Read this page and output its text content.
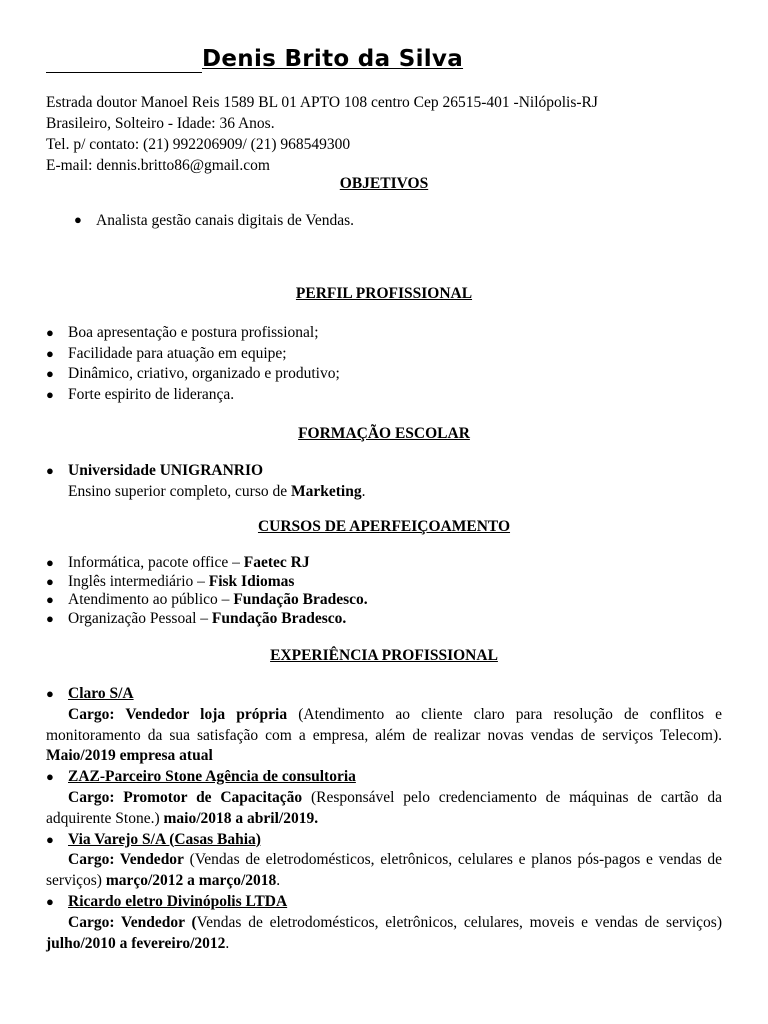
Denis Brito da Silva
Estrada doutor Manoel Reis 1589 BL 01 APTO 108 centro Cep 26515-401 -Nilópolis-RJ
Brasileiro, Solteiro - Idade: 36 Anos.
Tel. p/ contato: (21) 992206909/ (21) 968549300
E-mail: dennis.britto86@gmail.com
OBJETIVOS
● Analista gestão canais digitais de Vendas.
PERFIL PROFISSIONAL
● Boa apresentação e postura profissional;
● Facilidade para atuação em equipe;
● Dinâmico, criativo, organizado e produtivo;
● Forte espirito de liderança.
FORMAÇÃO ESCOLAR
● Universidade UNIGRANRIO
Ensino superior completo, curso de Marketing.
CURSOS DE APERFEIÇOAMENTO
● Informática, pacote office – Faetec RJ
● Inglês intermediário – Fisk Idiomas
● Atendimento ao público – Fundação Bradesco.
● Organização Pessoal – Fundação Bradesco.
EXPERIÊNCIA PROFISSIONAL
● Claro S/A
Cargo: Vendedor loja própria (Atendimento ao cliente claro para resolução de conflitos e monitoramento da sua satisfação com a empresa, além de realizar novas vendas de serviços Telecom). Maio/2019 empresa atual
● ZAZ-Parceiro Stone Agência de consultoria
Cargo: Promotor de Capacitação (Responsável pelo credenciamento de máquinas de cartão da adquirente Stone.) maio/2018 a abril/2019.
● Via Varejo S/A (Casas Bahia)
Cargo: Vendedor (Vendas de eletrodomésticos, eletrônicos, celulares e planos pós-pagos e vendas de serviços) março/2012 a março/2018.
● Ricardo eletro Divinópolis LTDA
Cargo: Vendedor (Vendas de eletrodomésticos, eletrônicos, celulares, moveis e vendas de serviços) julho/2010 a fevereiro/2012.
